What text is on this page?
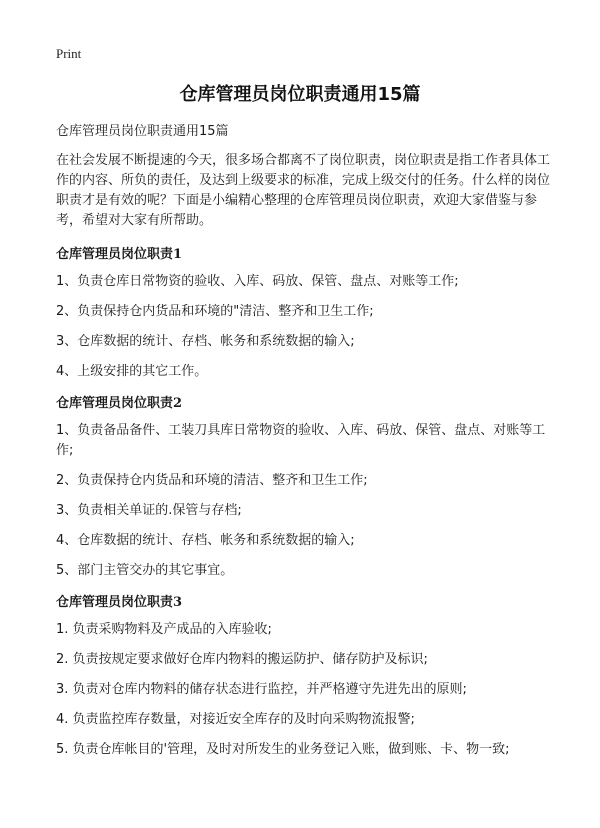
Print
仓库管理员岗位职责通用15篇

仓库管理员岗位职责通用15篇

在社会发展不断提速的今天，很多场合都离不了岗位职责，岗位职责是指工作者具体工作的内容、所负的责任，及达到上级要求的标准，完成上级交付的任务。什么样的岗位职责才是有效的呢？下面是小编精心整理的仓库管理员岗位职责，欢迎大家借鉴与参考，希望对大家有所帮助。

仓库管理员岗位职责1

1、负责仓库日常物资的验收、入库、码放、保管、盘点、对账等工作;

2、负责保持仓内货品和环境的"清洁、整齐和卫生工作;

3、仓库数据的统计、存档、帐务和系统数据的输入;

4、上级安排的其它工作。

仓库管理员岗位职责2

1、负责备品备件、工装刀具库日常物资的验收、入库、码放、保管、盘点、对账等工作;

2、负责保持仓内货品和环境的清洁、整齐和卫生工作;

3、负责相关单证的.保管与存档;

4、仓库数据的统计、存档、帐务和系统数据的输入;

5、部门主管交办的其它事宜。

仓库管理员岗位职责3

1. 负责采购物料及产成品的入库验收;

2. 负责按规定要求做好仓库内物料的搬运防护、储存防护及标识;

3. 负责对仓库内物料的储存状态进行监控，并严格遵守先进先出的原则;

4. 负责监控库存数量，对接近安全库存的及时向采购物流报警;

5. 负责仓库帐目的'管理，及时对所发生的业务登记入账，做到账、卡、物一致;
